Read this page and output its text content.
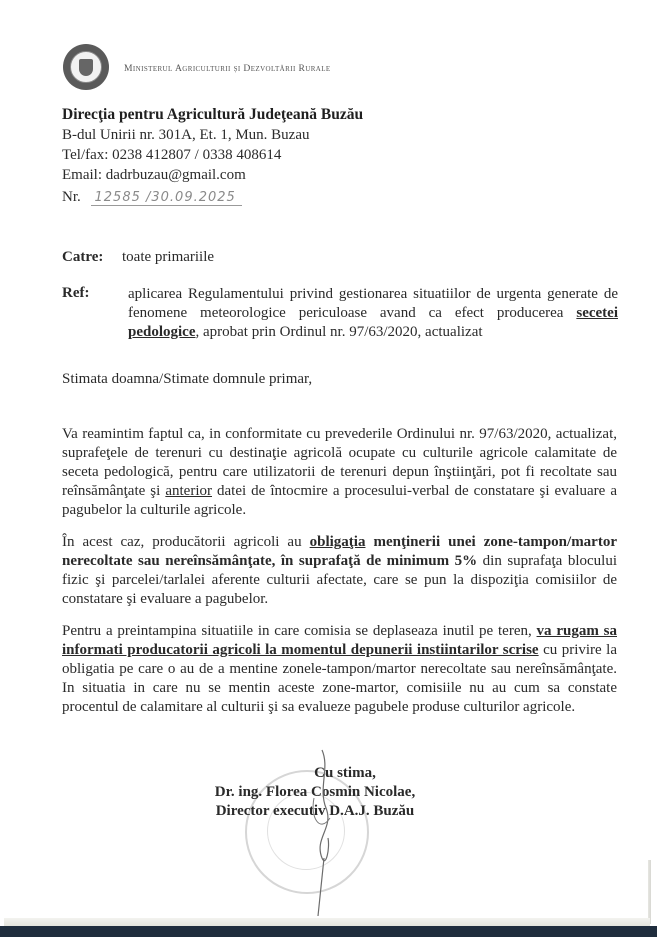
Ministerul Agriculturii și Dezvoltării Rurale
Direcţia pentru Agricultură Judeţeană Buzău
B-dul Unirii nr. 301A, Et. 1, Mun. Buzau
Tel/fax: 0238 412807 / 0338 408614
Email: dadrbuzau@gmail.com
Nr. 12585 /30.09.2025
Catre: toate primariile
Ref:	aplicarea Regulamentului privind gestionarea situatiilor de urgenta generate de fenomene meteorologice periculoase avand ca efect producerea secetei pedologice, aprobat prin Ordinul nr. 97/63/2020, actualizat
Stimata doamna/Stimate domnule primar,
Va reamintim faptul ca, in conformitate cu prevederile Ordinului nr. 97/63/2020, actualizat, suprafeţele de terenuri cu destinaţie agricolă ocupate cu culturile agricole calamitate de seceta pedologică, pentru care utilizatorii de terenuri depun înştiinţări, pot fi recoltate sau reînsămânţate şi anterior datei de întocmire a procesului-verbal de constatare şi evaluare a pagubelor la culturile agricole.
În acest caz, producătorii agricoli au obligaţia menţinerii unei zone-tampon/martor nerecoltate sau nereînsămânţate, în suprafaţă de minimum 5% din suprafaţa blocului fizic şi parcelei/tarlalei aferente culturii afectate, care se pun la dispoziţia comisiilor de constatare şi evaluare a pagubelor.
Pentru a preintampina situatiile in care comisia se deplaseaza inutil pe teren, va rugam sa informati producatorii agricoli la momentul depunerii instiintarilor scrise cu privire la obligatia pe care o au de a mentine zonele-tampon/martor nerecoltate sau nereînsămânţate. In situatia in care nu se mentin aceste zone-martor, comisiile nu au cum sa constate procentul de calamitare al culturii şi sa evalueze pagubele produse culturilor agricole.
Cu stima,
Dr. ing. Florea Cosmin Nicolae,
Director executiv D.A.J. Buzău
